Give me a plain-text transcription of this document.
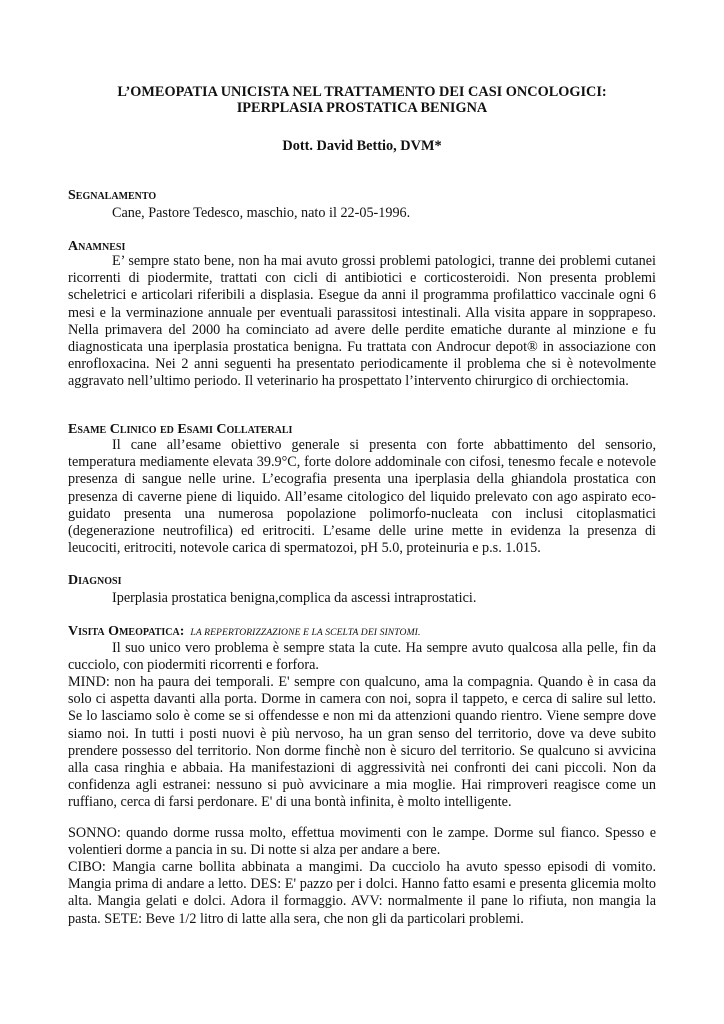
L’OMEOPATIA UNICISTA NEL TRATTAMENTO DEI CASI ONCOLOGICI:
IPERPLASIA PROSTATICA BENIGNA

Dott. David Bettio, DVM*

Segnalamento

Cane, Pastore Tedesco, maschio, nato il 22-05-1996.

Anamnesi

E’ sempre stato bene, non ha mai avuto grossi problemi patologici, tranne dei problemi cutanei ricorrenti di piodermite, trattati con cicli di antibiotici e corticosteroidi. Non presenta problemi scheletrici e articolari riferibili a displasia. Esegue da anni il programma profilattico vaccinale ogni 6 mesi e la verminazione annuale per eventuali parassitosi intestinali. Alla visita appare in sopprapeso. Nella primavera del 2000 ha cominciato ad avere delle perdite ematiche durante al minzione e fu diagnosticata una iperplasia prostatica benigna. Fu trattata con Androcur depot® in associazione con enrofloxacina. Nei 2 anni seguenti ha presentato periodicamente il problema che si è notevolmente aggravato nell’ultimo periodo. Il veterinario ha prospettato l’intervento chirurgico di orchiectomia.

Esame Clinico ed Esami Collaterali

Il cane all’esame obiettivo generale si presenta con forte abbattimento del sensorio, temperatura mediamente elevata 39.9°C, forte dolore addominale con cifosi, tenesmo fecale e notevole presenza di sangue nelle urine. L’ecografia presenta una iperplasia della ghiandola prostatica con presenza di caverne piene di liquido. All’esame citologico del liquido prelevato con ago aspirato eco-guidato presenta una numerosa popolazione polimorfo-nucleata con inclusi citoplasmatici (degenerazione neutrofilica) ed eritrociti. L’esame delle urine mette in evidenza la presenza di leucociti, eritrociti, notevole carica di spermatozoi, pH 5.0, proteinuria e p.s. 1.015.

Diagnosi

Iperplasia prostatica benigna,complica da ascessi intraprostatici.

Visita Omeopatica: LA REPERTORIZZAZIONE E LA SCELTA DEI SINTOMI.

Il suo unico vero problema è sempre stata la cute. Ha sempre avuto qualcosa alla pelle, fin da cucciolo, con piodermiti ricorrenti e forfora.

MIND: non ha paura dei temporali. E' sempre con qualcuno, ama la compagnia. Quando è in casa da solo ci aspetta davanti alla porta. Dorme in camera con noi, sopra il tappeto, e cerca di salire sul letto. Se lo lasciamo solo è come se si offendesse e non mi da attenzioni quando rientro. Viene sempre dove siamo noi. In tutti i posti nuovi è più nervoso, ha un gran senso del territorio, dove va deve subito prendere possesso del territorio. Non dorme finchè non è sicuro del territorio. Se qualcuno si avvicina alla casa ringhia e abbaia. Ha manifestazioni di aggressività nei confronti dei cani piccoli. Non da confidenza agli estranei: nessuno si può avvicinare a mia moglie. Hai rimproveri reagisce come un ruffiano, cerca di farsi perdonare. E' di una bontà infinita, è molto intelligente.

SONNO: quando dorme russa molto, effettua movimenti con le zampe. Dorme sul fianco. Spesso e volentieri dorme a pancia in su. Di notte si alza per andare a bere.

CIBO: Mangia carne bollita abbinata a mangimi. Da cucciolo ha avuto spesso episodi di vomito. Mangia prima di andare a letto. DES: E' pazzo per i dolci. Hanno fatto esami e presenta glicemia molto alta. Mangia gelati e dolci. Adora il formaggio. AVV: normalmente il pane lo rifiuta, non mangia la pasta. SETE: Beve 1/2 litro di latte alla sera, che non gli da particolari problemi.
